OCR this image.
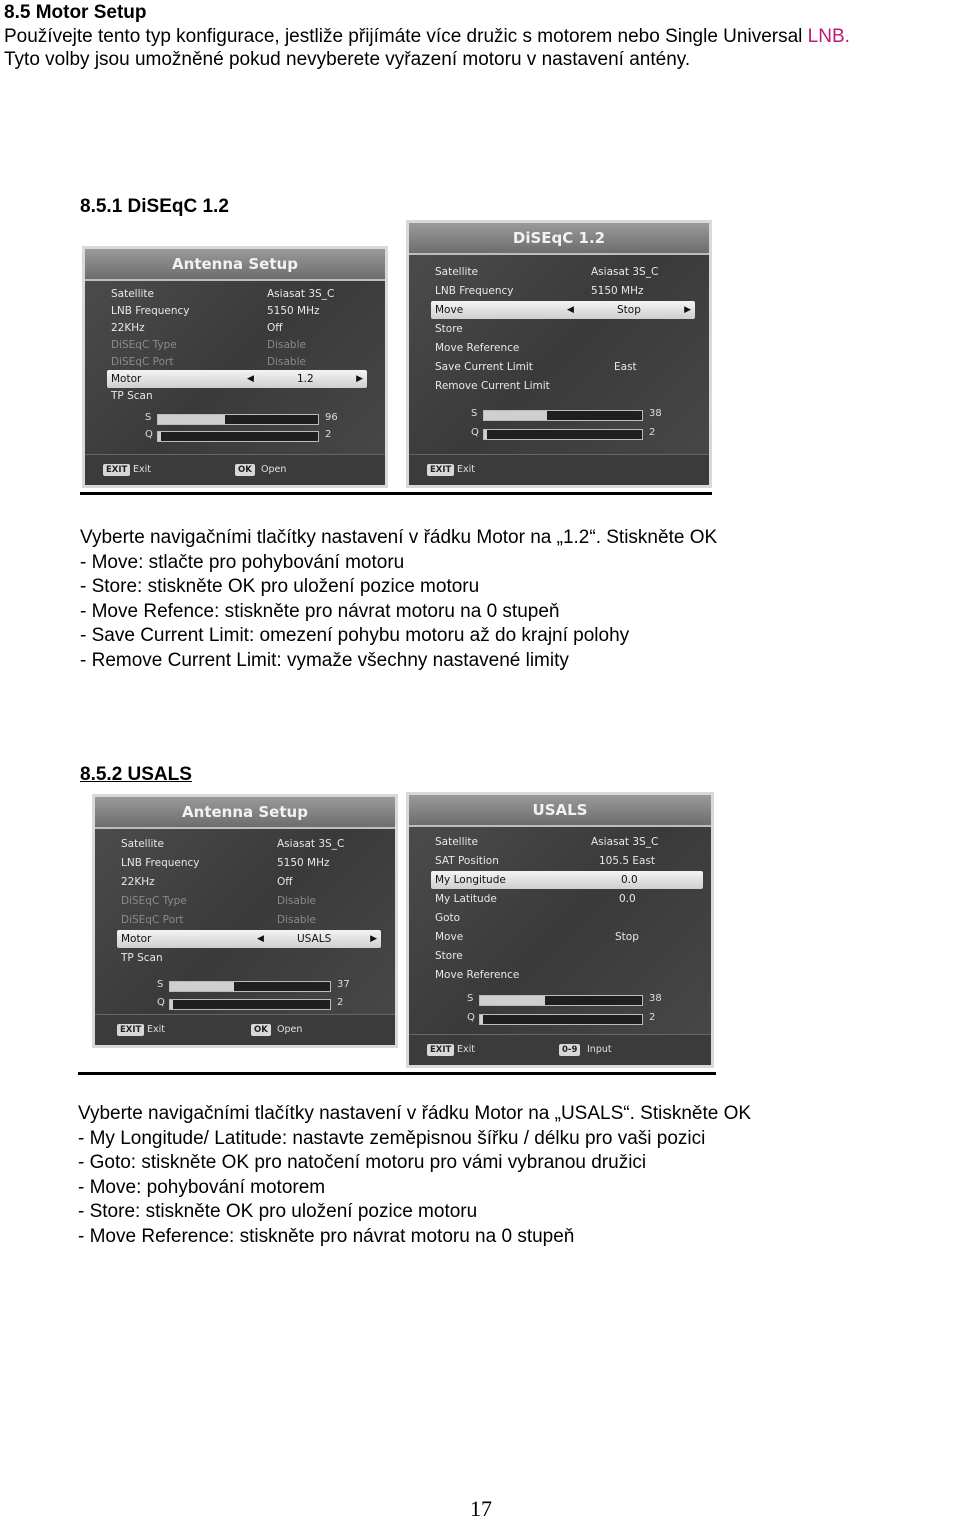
8.5 Motor Setup
Používejte tento typ konfigurace, jestliže přijímáte více družic s motorem nebo Single Universal LNB.
Tyto volby jsou umožněné pokud nevyberete vyřazení motoru v nastavení antény.
8.5.1 DiSEqC 1.2
Antenna Setup
Satellite	Asiasat 3S_C
LNB Frequency	5150 MHz
22KHz	Off
DiSEqC Type	Disable
DiSEqC Port	Disable
Motor	◀	1.2	▶
TP Scan
S	96
Q	2
EXIT Exit	OK Open
DiSEqC 1.2
Satellite	Asiasat 3S_C
LNB Frequency	5150 MHz
Move	◀	Stop	▶
Store
Move Reference
Save Current Limit	East
Remove Current Limit
S	38
Q	2
EXIT Exit
Vyberte navigačními tlačítky nastavení v řádku Motor na „1.2“. Stiskněte OK
- Move: stlačte pro pohybování motoru
- Store: stiskněte OK pro uložení pozice motoru
- Move Refence: stiskněte pro návrat motoru na 0 stupeň
- Save Current Limit: omezení pohybu motoru až do krajní polohy
- Remove Current Limit: vymaže všechny nastavené limity
8.5.2 USALS
Antenna Setup
Satellite	Asiasat 3S_C
LNB Frequency	5150 MHz
22KHz	Off
DiSEqC Type	Disable
DiSEqC Port	Disable
Motor	◀	USALS	▶
TP Scan
S	37
Q	2
EXIT Exit	OK Open
USALS
Satellite	Asiasat 3S_C
SAT Position	105.5 East
My Longitude	0.0
My Latitude	0.0
Goto
Move	Stop
Store
Move Reference
S	38
Q	2
EXIT Exit	0-9	Input
Vyberte navigačními tlačítky nastavení v řádku Motor na „USALS“. Stiskněte OK
- My Longitude/ Latitude: nastavte zeměpisnou šířku / délku pro vaši pozici
- Goto: stiskněte OK pro natočení motoru pro vámi vybranou družici
- Move: pohybování motorem
- Store: stiskněte OK pro uložení pozice motoru
- Move Reference: stiskněte pro návrat motoru na 0 stupeň
17
